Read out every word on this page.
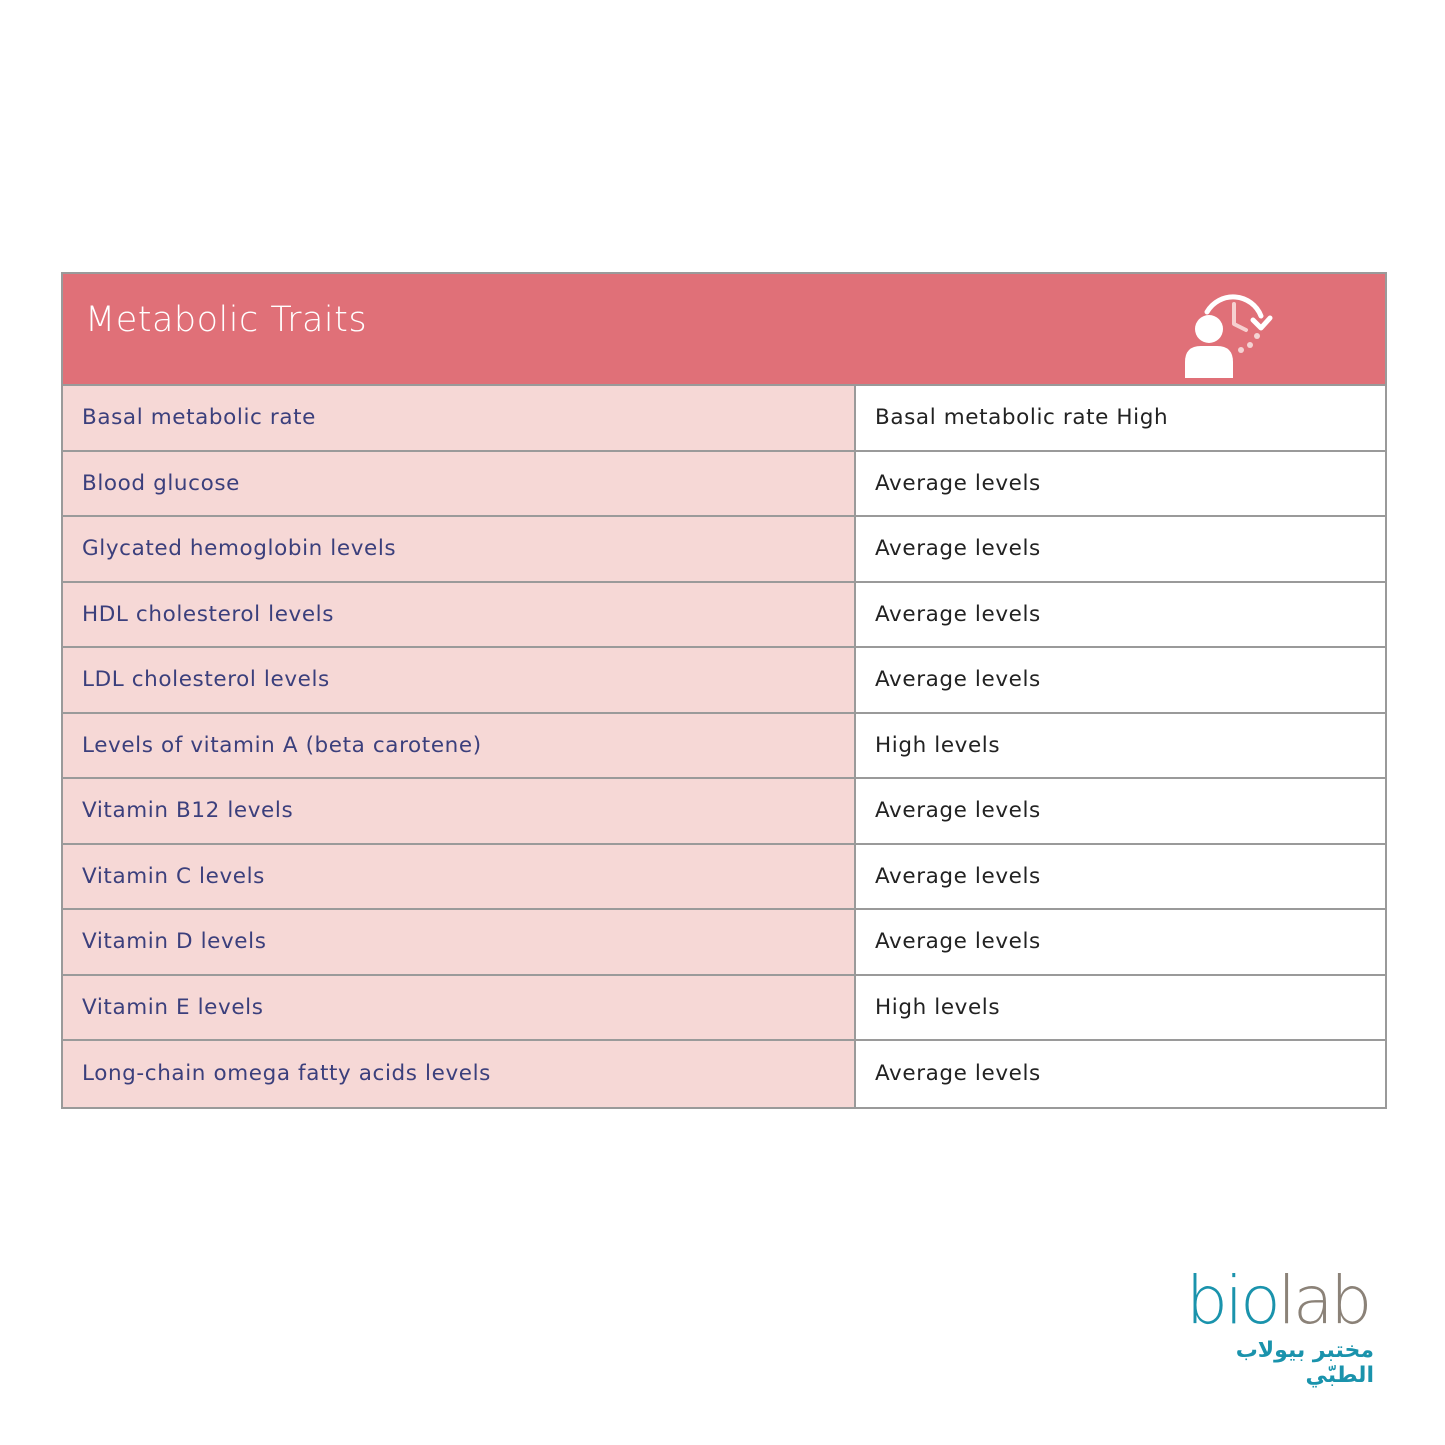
Metabolic Traits
Basal metabolic rate	Basal metabolic rate High
Blood glucose	Average levels
Glycated hemoglobin levels	Average levels
HDL cholesterol levels	Average levels
LDL cholesterol levels	Average levels
Levels of vitamin A (beta carotene)	High levels
Vitamin B12 levels	Average levels
Vitamin C levels	Average levels
Vitamin D levels	Average levels
Vitamin E levels	High levels
Long-chain omega fatty acids levels	Average levels
biolab
مختبر بيولاب الطبّي
